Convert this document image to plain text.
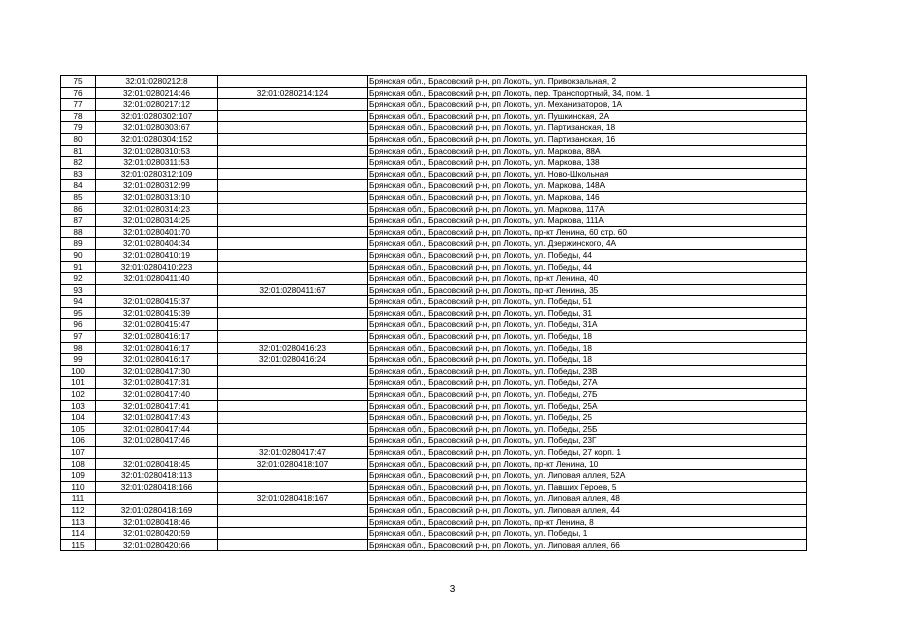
75	32:01:0280212:8		Брянская обл., Брасовский р-н, рп Локоть, ул. Привокзальная, 2
76	32:01:0280214:46	32:01:0280214:124	Брянская обл., Брасовский р-н, рп Локоть, пер. Транспортный, 34, пом. 1
77	32:01:0280217:12		Брянская обл., Брасовский р-н, рп Локоть, ул. Механизаторов, 1А
78	32:01:0280302:107		Брянская обл., Брасовский р-н, рп Локоть, ул. Пушкинская, 2А
79	32:01:0280303:67		Брянская обл., Брасовский р-н, рп Локоть, ул. Партизанская, 18
80	32:01:0280304:152		Брянская обл., Брасовский р-н, рп Локоть, ул. Партизанская, 16
81	32:01:0280310:53		Брянская обл., Брасовский р-н, рп Локоть, ул. Маркова, 88А
82	32:01:0280311:53		Брянская обл., Брасовский р-н, рп Локоть, ул. Маркова, 138
83	32:01:0280312:109		Брянская обл., Брасовский р-н, рп Локоть, ул. Ново-Школьная
84	32:01:0280312:99		Брянская обл., Брасовский р-н, рп Локоть, ул. Маркова, 148А
85	32:01:0280313:10		Брянская обл., Брасовский р-н, рп Локоть, ул. Маркова, 146
86	32:01:0280314:23		Брянская обл., Брасовский р-н, рп Локоть, ул. Маркова, 117А
87	32:01:0280314:25		Брянская обл., Брасовский р-н, рп Локоть, ул. Маркова, 111А
88	32:01:0280401:70		Брянская обл., Брасовский р-н, рп Локоть, пр-кт Ленина, 60 стр. 60
89	32:01:0280404:34		Брянская обл., Брасовский р-н, рп Локоть, ул. Дзержинского, 4А
90	32:01:0280410:19		Брянская обл., Брасовский р-н, рп Локоть, ул. Победы, 44
91	32:01:0280410:223		Брянская обл., Брасовский р-н, рп Локоть, ул. Победы, 44
92	32:01:0280411:40		Брянская обл., Брасовский р-н, рп Локоть, пр-кт Ленина, 40
93		32:01:0280411:67	Брянская обл., Брасовский р-н, рп Локоть, пр-кт Ленина, 35
94	32:01:0280415:37		Брянская обл., Брасовский р-н, рп Локоть, ул. Победы, 51
95	32:01:0280415:39		Брянская обл., Брасовский р-н, рп Локоть, ул. Победы, 31
96	32:01:0280415:47		Брянская обл., Брасовский р-н, рп Локоть, ул. Победы, 31А
97	32:01:0280416:17		Брянская обл., Брасовский р-н, рп Локоть, ул. Победы, 18
98	32:01:0280416:17	32:01:0280416:23	Брянская обл., Брасовский р-н, рп Локоть, ул. Победы, 18
99	32:01:0280416:17	32:01:0280416:24	Брянская обл., Брасовский р-н, рп Локоть, ул. Победы, 18
100	32:01:0280417:30		Брянская обл., Брасовский р-н, рп Локоть, ул. Победы, 23В
101	32:01:0280417:31		Брянская обл., Брасовский р-н, рп Локоть, ул. Победы, 27А
102	32:01:0280417:40		Брянская обл., Брасовский р-н, рп Локоть, ул. Победы, 27Б
103	32:01:0280417:41		Брянская обл., Брасовский р-н, рп Локоть, ул. Победы, 25А
104	32:01:0280417:43		Брянская обл., Брасовский р-н, рп Локоть, ул. Победы, 25
105	32:01:0280417:44		Брянская обл., Брасовский р-н, рп Локоть, ул. Победы, 25Б
106	32:01:0280417:46		Брянская обл., Брасовский р-н, рп Локоть, ул. Победы, 23Г
107		32:01:0280417:47	Брянская обл., Брасовский р-н, рп Локоть, ул. Победы, 27 корп. 1
108	32:01:0280418:45	32:01:0280418:107	Брянская обл., Брасовский р-н, рп Локоть, пр-кт Ленина, 10
109	32:01:0280418:113		Брянская обл., Брасовский р-н, рп Локоть, ул. Липовая аллея, 52А
110	32:01:0280418:166		Брянская обл., Брасовский р-н, рп Локоть, ул. Павших Героев, 5
111		32:01:0280418:167	Брянская обл., Брасовский р-н, рп Локоть, ул. Липовая аллея, 48
112	32:01:0280418:169		Брянская обл., Брасовский р-н, рп Локоть, ул. Липовая аллея, 44
113	32:01:0280418:46		Брянская обл., Брасовский р-н, рп Локоть, пр-кт Ленина, 8
114	32:01:0280420:59		Брянская обл., Брасовский р-н, рп Локоть, ул. Победы, 1
115	32:01:0280420:66		Брянская обл., Брасовский р-н, рп Локоть, ул. Липовая аллея, 66
3
